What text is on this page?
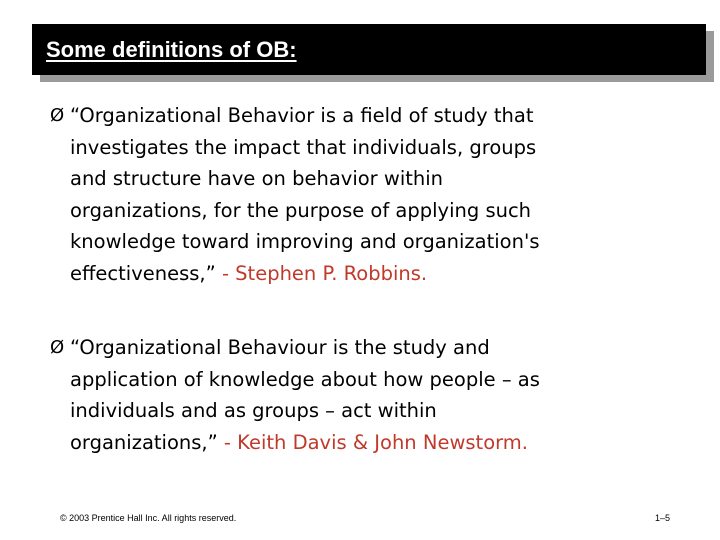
Some definitions of OB:
Ø “Organizational Behavior is a field of study that
investigates the impact that individuals, groups
and structure have on behavior within
organizations, for the purpose of applying such
knowledge toward improving and organization's
effectiveness,” - Stephen P. Robbins.
Ø “Organizational Behaviour is the study and
application of knowledge about how people – as
individuals and as groups – act within
organizations,” - Keith Davis & John Newstorm.
© 2003 Prentice Hall Inc. All rights reserved.	1–5
